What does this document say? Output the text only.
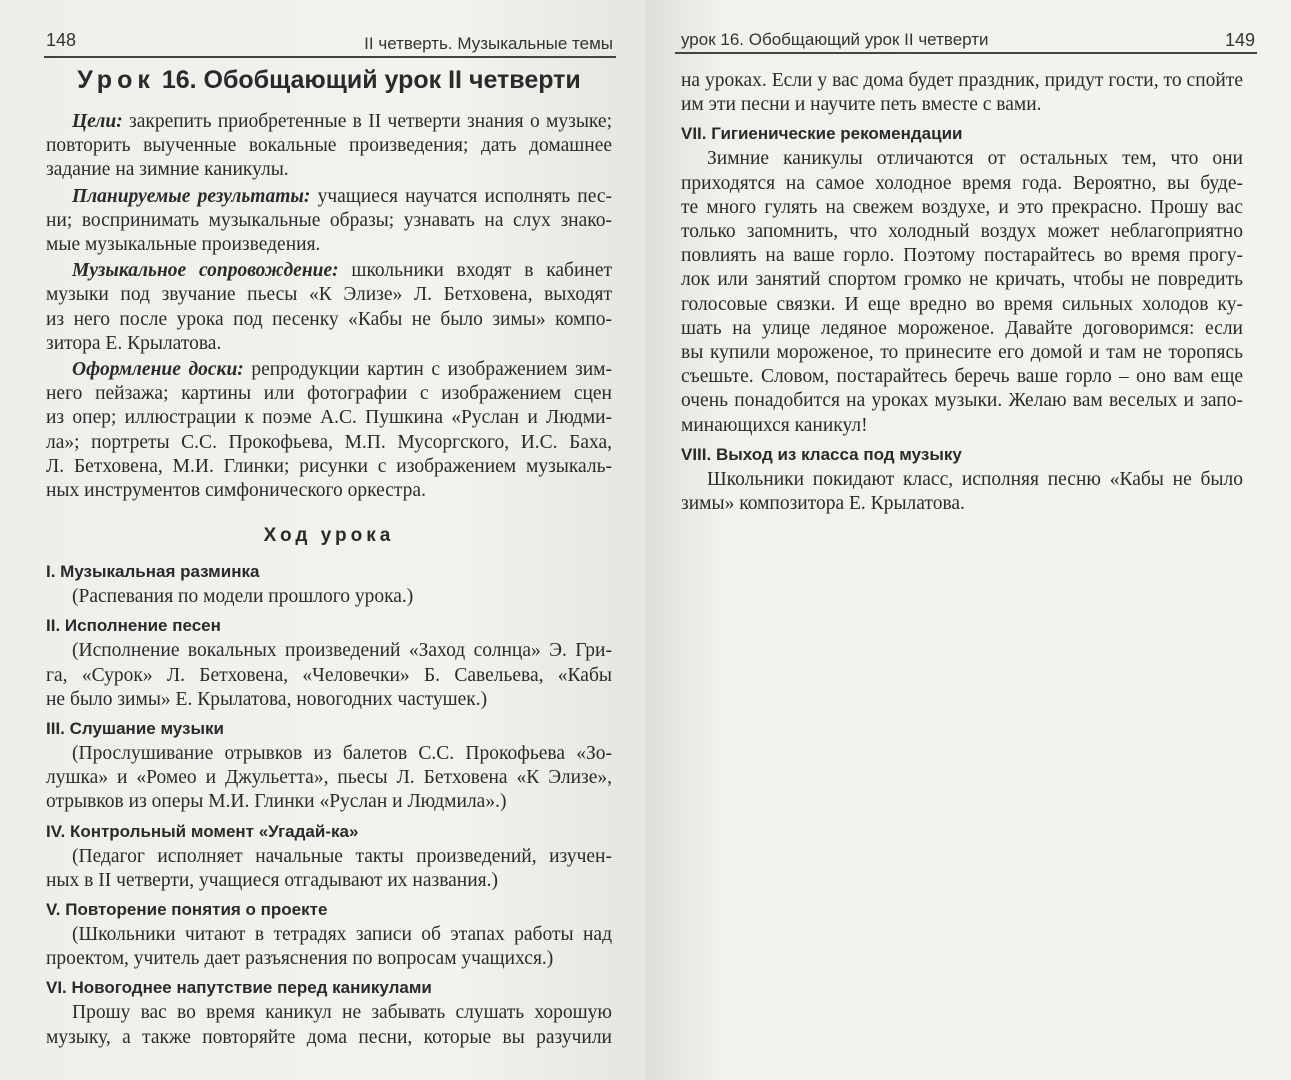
148	II четверть. Музыкальные темы
Урок 16. Обобщающий урок II четверти
Цели: закрепить приобретенные в II четверти знания о музыке;
повторить выученные вокальные произведения; дать домашнее
задание на зимние каникулы.
Планируемые результаты: учащиеся научатся исполнять пес-
ни; воспринимать музыкальные образы; узнавать на слух знако-
мые музыкальные произведения.
Музыкальное сопровождение: школьники входят в кабинет
музыки под звучание пьесы «К Элизе» Л. Бетховена, выходят
из него после урока под песенку «Кабы не было зимы» компо-
зитора Е. Крылатова.
Оформление доски: репродукции картин с изображением зим-
него пейзажа; картины или фотографии с изображением сцен
из опер; иллюстрации к поэме А.С. Пушкина «Руслан и Людми-
ла»; портреты С.С. Прокофьева, М.П. Мусоргского, И.С. Баха,
Л. Бетховена, М.И. Глинки; рисунки с изображением музыкаль-
ных инструментов симфонического оркестра.
Ход урока
I. Музыкальная разминка
(Распевания по модели прошлого урока.)
II. Исполнение песен
(Исполнение вокальных произведений «Заход солнца» Э. Гри-
га, «Сурок» Л. Бетховена, «Человечки» Б. Савельева, «Кабы
не было зимы» Е. Крылатова, новогодних частушек.)
III. Слушание музыки
(Прослушивание отрывков из балетов С.С. Прокофьева «Зо-
лушка» и «Ромео и Джульетта», пьесы Л. Бетховена «К Элизе»,
отрывков из оперы М.И. Глинки «Руслан и Людмила».)
IV. Контрольный момент «Угадай-ка»
(Педагог исполняет начальные такты произведений, изучен-
ных в II четверти, учащиеся отгадывают их названия.)
V. Повторение понятия о проекте
(Школьники читают в тетрадях записи об этапах работы над
проектом, учитель дает разъяснения по вопросам учащихся.)
VI. Новогоднее напутствие перед каникулами
Прошу вас во время каникул не забывать слушать хорошую
музыку, а также повторяйте дома песни, которые вы разучили
урок 16. Обобщающий урок II четверти	149
на уроках. Если у вас дома будет праздник, придут гости, то спойте
им эти песни и научите петь вместе с вами.
VII. Гигиенические рекомендации
Зимние каникулы отличаются от остальных тем, что они
приходятся на самое холодное время года. Вероятно, вы буде-
те много гулять на свежем воздухе, и это прекрасно. Прошу вас
только запомнить, что холодный воздух может неблагоприятно
повлиять на ваше горло. Поэтому постарайтесь во время прогу-
лок или занятий спортом громко не кричать, чтобы не повредить
голосовые связки. И еще вредно во время сильных холодов ку-
шать на улице ледяное мороженое. Давайте договоримся: если
вы купили мороженое, то принесите его домой и там не торопясь
съешьте. Словом, постарайтесь беречь ваше горло – оно вам еще
очень понадобится на уроках музыки. Желаю вам веселых и запо-
минающихся каникул!
VIII. Выход из класса под музыку
Школьники покидают класс, исполняя песню «Кабы не было
зимы» композитора Е. Крылатова.
